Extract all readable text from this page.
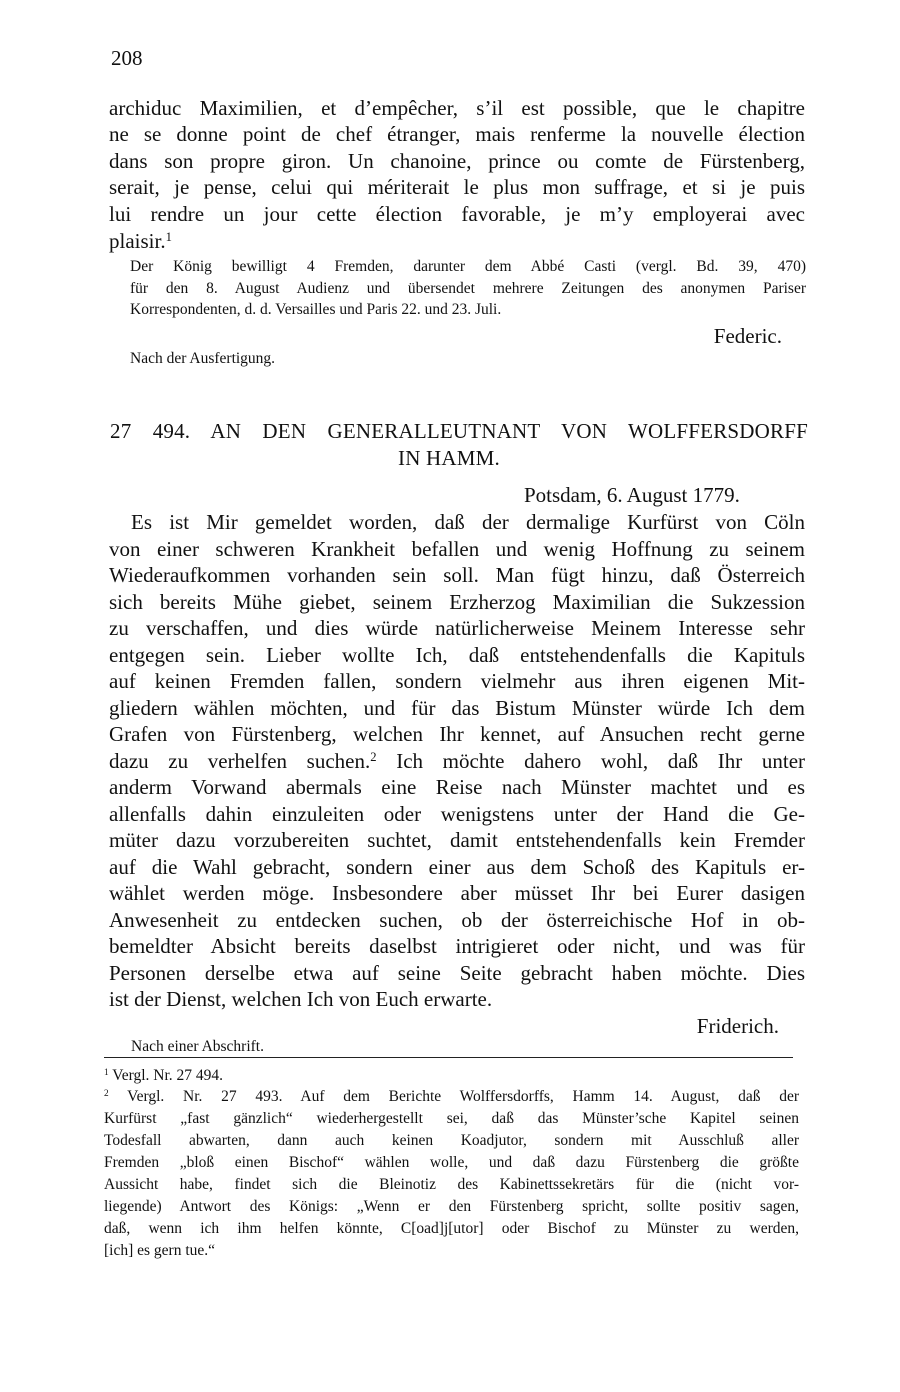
208
archiduc Maximilien, et d’empêcher, s’il est possible, que le chapitre
ne se donne point de chef étranger, mais renferme la nouvelle élection
dans son propre giron. Un chanoine, prince ou comte de Fürstenberg,
serait, je pense, celui qui mériterait le plus mon suffrage, et si je puis
lui rendre un jour cette élection favorable, je m’y employerai avec
plaisir.$^1$
Der König bewilligt 4 Fremden, darunter dem Abbé Casti (vergl. Bd. 39, 470)
für den 8. August Audienz und übersendet mehrere Zeitungen des anonymen Pariser
Korrespondenten, d. d. Versailles und Paris 22. und 23. Juli.
Federic.
Nach der Ausfertigung.
27 494. AN DEN GENERALLEUTNANT VON WOLFFERSDORFF
IN HAMM.
Potsdam, 6. August 1779.
Es ist Mir gemeldet worden, daß der dermalige Kurfürst von Cöln
von einer schweren Krankheit befallen und wenig Hoffnung zu seinem
Wiederaufkommen vorhanden sein soll. Man fügt hinzu, daß Österreich
sich bereits Mühe giebet, seinem Erzherzog Maximilian die Sukzession
zu verschaffen, und dies würde natürlicherweise Meinem Interesse sehr
entgegen sein. Lieber wollte Ich, daß entstehendenfalls die Kapituls
auf keinen Fremden fallen, sondern vielmehr aus ihren eigenen Mit-
gliedern wählen möchten, und für das Bistum Münster würde Ich dem
Grafen von Fürstenberg, welchen Ihr kennet, auf Ansuchen recht gerne
dazu zu verhelfen suchen.$^2$ Ich möchte dahero wohl, daß Ihr unter
anderm Vorwand abermals eine Reise nach Münster machtet und es
allenfalls dahin einzuleiten oder wenigstens unter der Hand die Ge-
müter dazu vorzubereiten suchtet, damit entstehendenfalls kein Fremder
auf die Wahl gebracht, sondern einer aus dem Schoß des Kapituls er-
wählet werden möge. Insbesondere aber müsset Ihr bei Eurer dasigen
Anwesenheit zu entdecken suchen, ob der österreichische Hof in ob-
bemeldter Absicht bereits daselbst intrigieret oder nicht, und was für
Personen derselbe etwa auf seine Seite gebracht haben möchte. Dies
ist der Dienst, welchen Ich von Euch erwarte.
Friderich.
Nach einer Abschrift.
$^1$ Vergl. Nr. 27 494.
$^2$ Vergl. Nr. 27 493. Auf dem Berichte Wolffersdorffs, Hamm 14. August, daß der
Kurfürst „fast gänzlich“ wiederhergestellt sei, daß das Münster’sche Kapitel seinen
Todesfall abwarten, dann auch keinen Koadjutor, sondern mit Ausschluß aller
Fremden „bloß einen Bischof“ wählen wolle, und daß dazu Fürstenberg die größte
Aussicht habe, findet sich die Bleinotiz des Kabinettssekretärs für die (nicht vor-
liegende) Antwort des Königs: „Wenn er den Fürstenberg spricht, sollte positiv sagen,
daß, wenn ich ihm helfen könnte, C[oad]j[utor] oder Bischof zu Münster zu werden,
[ich] es gern tue.“
